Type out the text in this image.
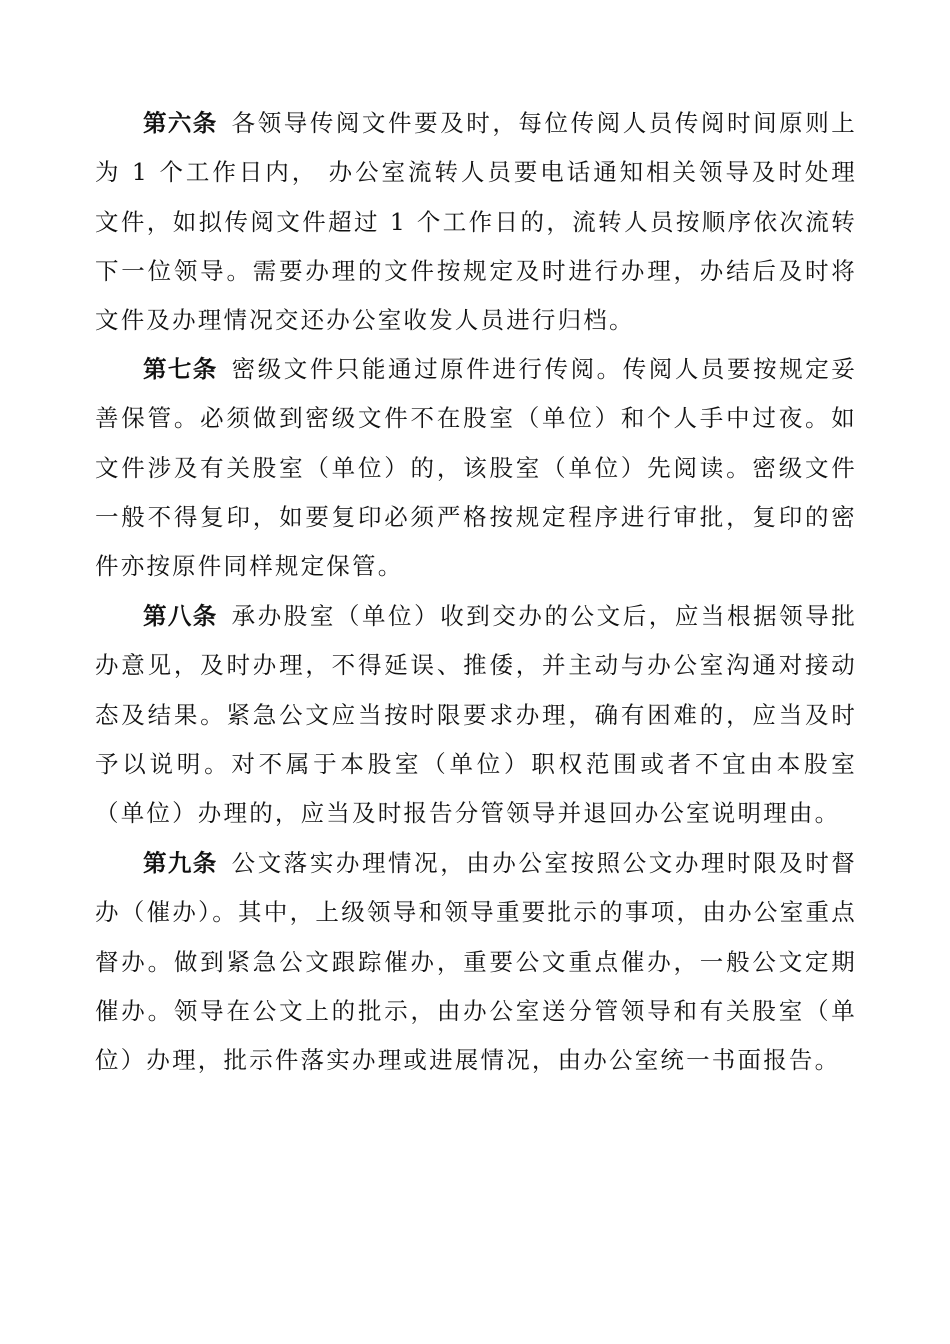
第六条 各领导传阅文件要及时，每位传阅人员传阅时间原则上为 1 个工作日内， 办公室流转人员要电话通知相关领导及时处理文件，如拟传阅文件超过 1 个工作日的，流转人员按顺序依次流转下一位领导。需要办理的文件按规定及时进行办理，办结后及时将文件及办理情况交还办公室收发人员进行归档。

第七条 密级文件只能通过原件进行传阅。传阅人员要按规定妥善保管。必须做到密级文件不在股室（单位）和个人手中过夜。如文件涉及有关股室（单位）的，该股室（单位）先阅读。密级文件一般不得复印，如要复印必须严格按规定程序进行审批，复印的密件亦按原件同样规定保管。

第八条 承办股室（单位）收到交办的公文后，应当根据领导批办意见，及时办理，不得延误、推倭，并主动与办公室沟通对接动态及结果。紧急公文应当按时限要求办理，确有困难的，应当及时予以说明。对不属于本股室（单位）职权范围或者不宜由本股室（单位）办理的，应当及时报告分管领导并退回办公室说明理由。

第九条 公文落实办理情况，由办公室按照公文办理时限及时督办（催办）。其中，上级领导和领导重要批示的事项，由办公室重点督办。做到紧急公文跟踪催办，重要公文重点催办，一般公文定期催办。领导在公文上的批示，由办公室送分管领导和有关股室（单位）办理，批示件落实办理或进展情况，由办公室统一书面报告。
